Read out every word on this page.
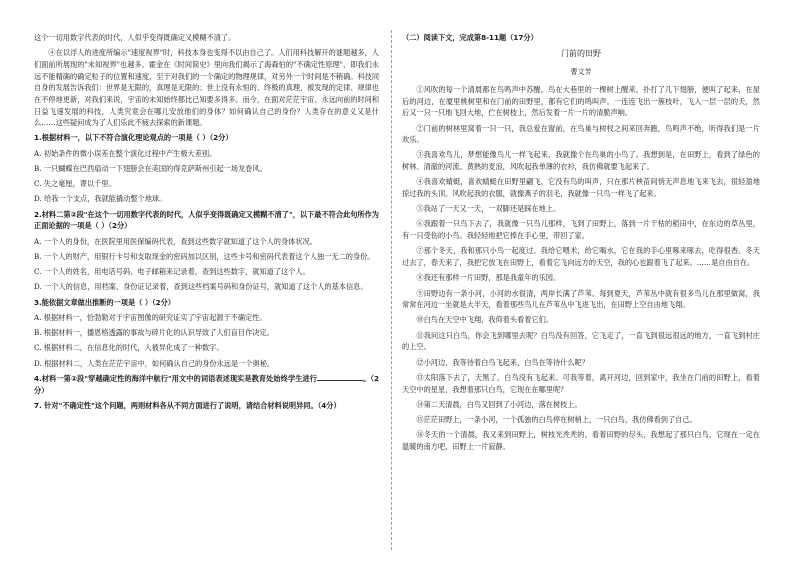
这个一切用数字代表的时代，人似乎变得既确定又模糊不清了。

④在以浮人的进度所编示"速度视界"时，科技本身也变得不以由自己了。人们用科技解开的谜题越多，人们面前所展现的"未知视界"也越多。霍金在《时间简史》里向我们揭示了海森伯的"不确定性原理"，即我们永远不能精确的确定粒子的位置和速度，至于对我们的一个确定的物理规律，对另外一个时间是不稍确。科技同自身的发展告诉我们：世界是无限的，真理是无限的；世上没有永恒的、终极的真理，被发现的定律、规律也在不停地更新，对我们来说，宇宙的未知始终都比已知要多得多。而今，在面对茫茫宇宙、永远向前的时间和日益飞速发展的科技，人类究竟会在哪儿安放他们的身体？如何确认自己的身份？人类存在的意义又是什么……这些疑问成为了人们乐此不疲去探索的新课题。

1.根据材料一，以下不符合演化理论观点的一项是（ ）（2分）

A. 初始条件的微小误差在整个演化过程中产生极大差别。

B. 一只蝴蝶在巴西扇动一下翅膀会在美国的得克萨斯州引起一场龙卷风。

C. 失之毫厘，谬以千里。

D. 给我一个支点，我就能撬动整个地球。

2.材料二第②段"在这个一切用数字代表的时代，人似乎变得既确定又模糊不清了"，以下最不符合此句所作为正面论据的一项是（ ）（2分）

A. 一个人的身份，在医院里用医保编码代表，查到这些数字就知道了这个人的身体状况。

B. 一个人的财产，用银行卡号和支取现金的密码加以区别，这些卡号和密码代表着这个人独一无二的身份。

C. 一个人的姓名，用电话号码、电子邮箱来记录着，查到这些数字，就知道了这个人。

D. 一个人的信息，用档案、身份证记录着，查到这些档案号码和身份证号，就知道了这个人的基本信息。

3.能依据文章做出推断的一项是（ ）（2分）

A. 根据材料一，恰勃勒对于宇宙图像的研究证实了宇宙起源于不确定性。

B. 根据材料一，播恩格透露的事故与碎片化的认识导致了人们盲目作决定。

C. 根据材料二，在信息化的时代，人被异化成了一种数字。

D. 根据材料二，人类在茫茫宇宙中，如何确认自己的身份永远是一个奥秘。

4.材料一第②段"穿越确定性的海洋中航行"用文中的词语表述现实是教育处始终学生进行	。（2分）

7. 针对"不确定性"这个问题，两则材料各从不同方面进行了说明，请结合材料说明异同。（4分）

（二）阅读下文，完成第8-11题（17分）

门前的田野

曹文芳

①风吹的每一个清晨都在鸟鸣声中苏醒。鸟在大巷里的一棵树上醒来，扑打了几下翅膀，便叫了起来，在屋后的河边，在厦里桃树里和在门前的田野里，都有它们的鸣叫声。一连连飞出一簇枝叶，飞入一层一层的天，然后又一只一只地飞回大地，伫在树枝上，然后发着一片一片的清脆声响。

②门前的树林里窝着一只一只，我总爱在窗前，在鸟巢与树杈之间来回奔跑，鸟鸣声不绝，听得我们是一片欢乐。

③我喜欢鸟儿，梦想能像鸟儿一样飞起来，我就像个在鸟巢的小鸟了。我想到是，在田野上，看到了绿色的树林、清澈的河流、黄熟的麦浪，风吹起我单薄的衣衫，我仿佛就要飞起来了。

④我喜欢蜻蜓，喜欢蜻蜓在田野里翩飞，它没有鸟的叫声，只在那片秧苗间悄无声息地飞来飞去，很轻盈地掠过我的头顶。风吹起我的衣服，就像燕子的羽毛，我就像一只鸟一样飞了起来。

⑤我站了一天又一天，一双脚还是踩在地上。

⑥我跟着一只鸟下去了，我就像一只鸟儿那样，飞到了田野上，落到一片干枯的稻田中，在东边的草丛里，有一只受伤的小鸟。我轻轻地把它捧在手心里，带回了家。

⑦那个冬天，我和那只小鸟一起度过。我给它喂米，给它喝水，它在我的手心里啄来啄去，吃得很香。冬天过去了，春天来了，我把它放飞在田野上，看着它飞向远方的天空，我的心也跟着飞了起来。……是自由自在。

⑧我还有那样一片田野，那是我童年的乐园。

⑨田野边有一条小河，小河的水很清，两岸长满了芦苇。每到夏天，芦苇丛中就有很多鸟儿在那里做窝，我常常在河边一坐就是大半天，看着那些鸟儿在芦苇丛中飞进飞出，在田野上空自由地飞翔。

⑩白鸟在天空中飞翔，我仰着头看着它们。

⑪我问这只白鸟，你会飞到哪里去呢？白鸟没有回答，它飞走了，一直飞到很远很远的地方，一直飞到村庄的上空。

⑫小河边，我等待着白鸟飞起来，白鸟在等待什么呢？

⑬太阳落下去了，天黑了，白鸟没有飞起来。可我等着，离开河边，回到家中，我坐在门前的田野上，看着天空中的星星，我想着那只白鸟，它现在在哪里呢？

⑭第二天清晨，白鸟又回到了小河边，落在树枝上。

⑮茫茫田野上，一条小河，一个孤独的白鸟停在树梢上，一只白鸟，我仿佛看到了自己。

⑯冬天的一个清晨，我又来到田野上，树枝光秃秃的，看着田野的尽头，我想起了那只白鸟，它现在一定在温暖的南方吧，田野上一片寂静。
